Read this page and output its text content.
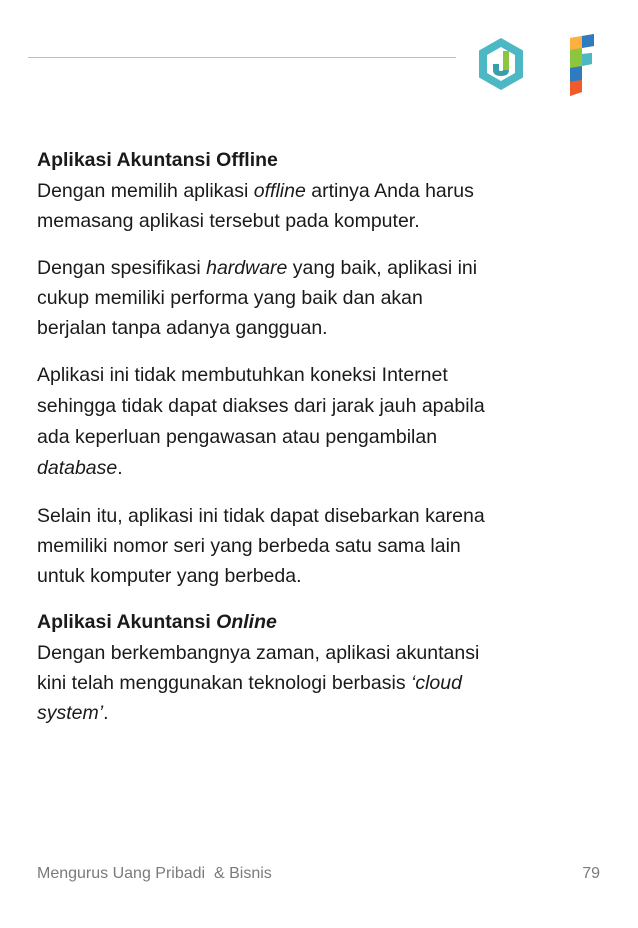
Aplikasi Akuntansi Offline
Dengan memilih aplikasi offline artinya Anda harus
memasang aplikasi tersebut pada komputer.
Dengan spesifikasi hardware yang baik, aplikasi ini
cukup memiliki performa yang baik dan akan
berjalan tanpa adanya gangguan.
Aplikasi ini tidak membutuhkan koneksi Internet
sehingga tidak dapat diakses dari jarak jauh apabila
ada keperluan pengawasan atau pengambilan
database.
Selain itu, aplikasi ini tidak dapat disebarkan karena
memiliki nomor seri yang berbeda satu sama lain
untuk komputer yang berbeda.
Aplikasi Akuntansi Online
Dengan berkembangnya zaman, aplikasi akuntansi
kini telah menggunakan teknologi berbasis ‘cloud
system’.
Mengurus Uang Pribadi  & Bisnis	79
